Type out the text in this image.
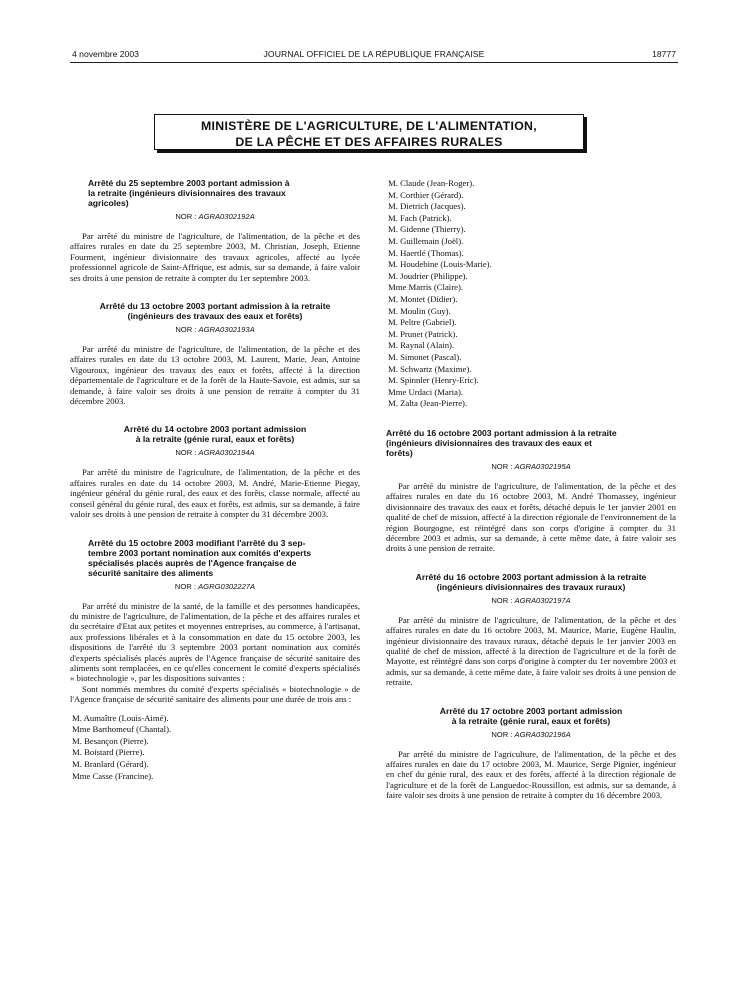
4 novembre 2003	JOURNAL OFFICIEL DE LA RÉPUBLIQUE FRANÇAISE	18777
MINISTÈRE DE L'AGRICULTURE, DE L'ALIMENTATION,
DE LA PÊCHE ET DES AFFAIRES RURALES

Arrêté du 25 septembre 2003 portant admission à
la retraite (ingénieurs divisionnaires des travaux
agricoles)

NOR : AGRA0302192A

Par arrêté du ministre de l'agriculture, de l'alimentation, de la pêche et des affaires rurales en date du 25 septembre 2003, M. Christian, Joseph, Etienne Fourment, ingénieur divisionnaire des travaux agricoles, affecté au lycée professionnel agricole de Saint-Affrique, est admis, sur sa demande, à faire valoir ses droits à une pension de retraite à compter du 1er septembre 2003.

Arrêté du 13 octobre 2003 portant admission à la retraite
(ingénieurs des travaux des eaux et forêts)

NOR : AGRA0302193A

Par arrêté du ministre de l'agriculture, de l'alimentation, de la pêche et des affaires rurales en date du 13 octobre 2003, M. Laurent, Marie, Jean, Antoine Vigouroux, ingénieur des travaux des eaux et forêts, affecté à la direction départementale de l'agriculture et de la forêt de la Haute-Savoie, est admis, sur sa demande, à faire valoir ses droits à une pension de retraite à compter du 31 décembre 2003.

Arrêté du 14 octobre 2003 portant admission
à la retraite (génie rural, eaux et forêts)

NOR : AGRA0302194A

Par arrêté du ministre de l'agriculture, de l'alimentation, de la pêche et des affaires rurales en date du 14 octobre 2003, M. André, Marie-Etienne Piegay, ingénieur général du génie rural, des eaux et des forêts, classe normale, affecté au conseil général du génie rural, des eaux et forêts, est admis, sur sa demande, à faire valoir ses droits à une pension de retraite à compter du 31 décembre 2003.

Arrêté du 15 octobre 2003 modifiant l'arrêté du 3 sep-
tembre 2003 portant nomination aux comités d'experts
spécialisés placés auprès de l'Agence française de
sécurité sanitaire des aliments

NOR : AGRG0302227A

Par arrêté du ministre de la santé, de la famille et des personnes handicapées, du ministre de l'agriculture, de l'alimentation, de la pêche et des affaires rurales et du secrétaire d'Etat aux petites et moyennes entreprises, au commerce, à l'artisanat, aux professions libérales et à la consommation en date du 15 octobre 2003, les dispositions de l'arrêté du 3 septembre 2003 portant nomination aux comités d'experts spécialisés placés auprès de l'Agence française de sécurité sanitaire des aliments sont remplacées, en ce qu'elles concernent le comité d'experts spécialisés « biotechnologie », par les dispositions suivantes :

Sont nommés membres du comité d'experts spécialisés « biotechnologie » de l'Agence française de sécurité sanitaire des aliments pour une durée de trois ans :

M. Aumaître (Louis-Aimé).
Mme Barthomeuf (Chantal).
M. Besançon (Pierre).
M. Boistard (Pierre).
M. Branlard (Gérard).
Mme Casse (Francine).
M. Claude (Jean-Roger).
M. Corthier (Gérard).
M. Dietrich (Jacques).
M. Fach (Patrick).
M. Gidenne (Thierry).
M. Guillemain (Joël).
M. Haertlé (Thomas).
M. Houdebine (Louis-Marie).
M. Joudrier (Philippe).
Mme Marris (Claire).
M. Montet (Didier).
M. Moulin (Guy).
M. Peltre (Gabriel).
M. Prunet (Patrick).
M. Raynal (Alain).
M. Simonet (Pascal).
M. Schwartz (Maxime).
M. Spinnler (Henry-Eric).
Mme Urdaci (Maria).
M. Zalta (Jean-Pierre).

Arrêté du 16 octobre 2003 portant admission à la retraite
(ingénieurs divisionnaires des travaux des eaux et
forêts)

NOR : AGRA0302195A

Par arrêté du ministre de l'agriculture, de l'alimentation, de la pêche et des affaires rurales en date du 16 octobre 2003, M. André Thomassey, ingénieur divisionnaire des travaux des eaux et forêts, détaché depuis le 1er janvier 2001 en qualité de chef de mission, affecté à la direction régionale de l'environnement de la région Bourgogne, est réintégré dans son corps d'origine à compter du 31 décembre 2003 et admis, sur sa demande, à cette même date, à faire valoir ses droits à une pension de retraite.

Arrêté du 16 octobre 2003 portant admission à la retraite
(ingénieurs divisionnaires des travaux ruraux)

NOR : AGRA0302197A

Par arrêté du ministre de l'agriculture, de l'alimentation, de la pêche et des affaires rurales en date du 16 octobre 2003, M. Maurice, Marie, Eugène Haulin, ingénieur divisionnaire des travaux ruraux, détaché depuis le 1er janvier 2003 en qualité de chef de mission, affecté à la direction de l'agriculture et de la forêt de Mayotte, est réintégré dans son corps d'origine à compter du 1er novembre 2003 et admis, sur sa demande, à cette même date, à faire valoir ses droits à une pension de retraite.

Arrêté du 17 octobre 2003 portant admission
à la retraite (génie rural, eaux et forêts)

NOR : AGRA0302196A

Par arrêté du ministre de l'agriculture, de l'alimentation, de la pêche et des affaires rurales en date du 17 octobre 2003, M. Maurice, Serge Pignier, ingénieur en chef du génie rural, des eaux et des forêts, affecté à la direction régionale de l'agriculture et de la forêt de Languedoc-Roussillon, est admis, sur sa demande, à faire valoir ses droits à une pension de retraite à compter du 16 décembre 2003.
